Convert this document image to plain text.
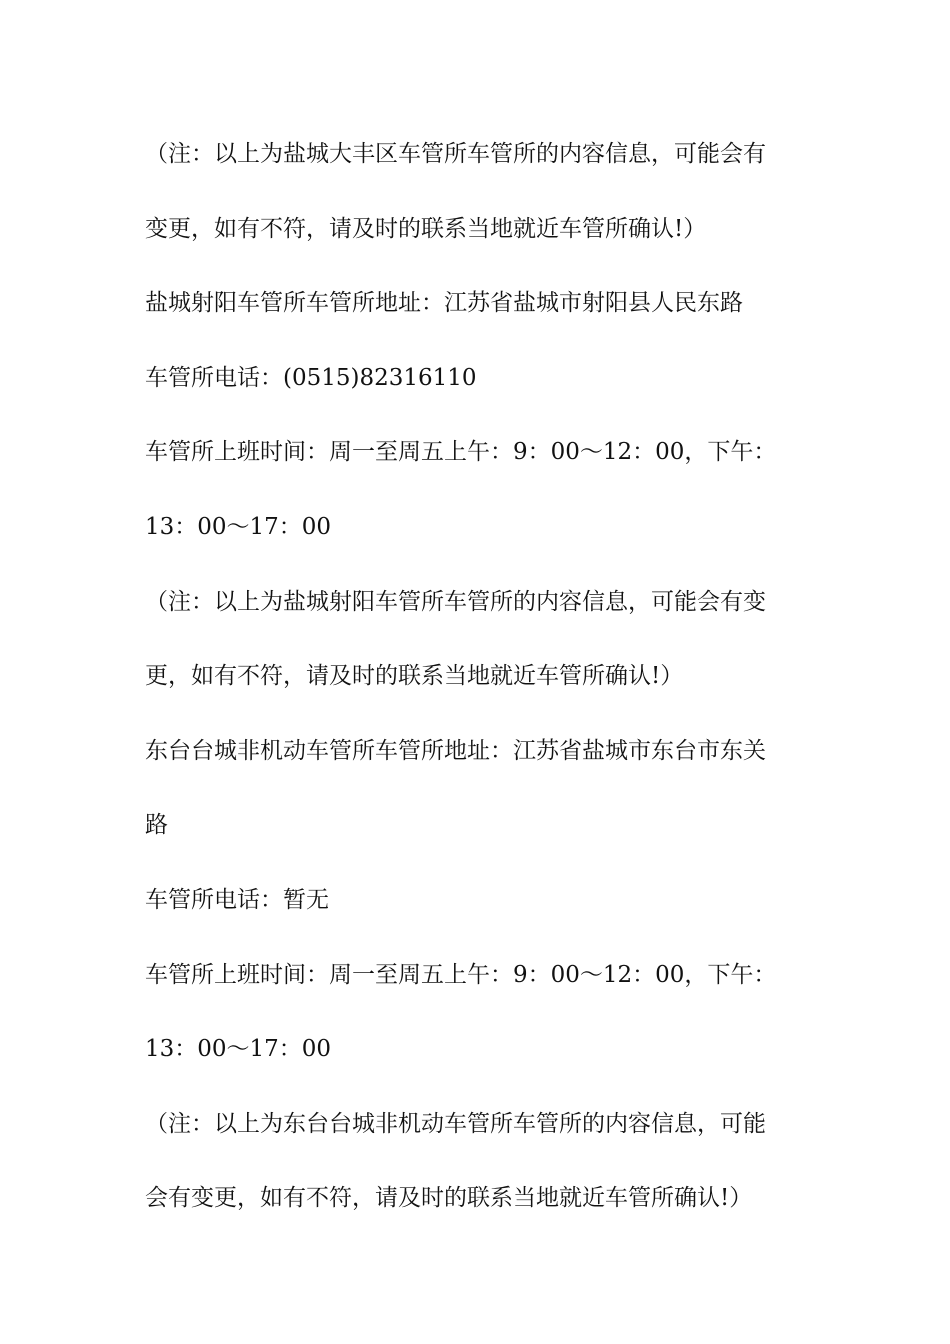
（注：以上为盐城大丰区车管所车管所的内容信息，可能会有
变更，如有不符，请及时的联系当地就近车管所确认!）
盐城射阳车管所车管所地址：江苏省盐城市射阳县人民东路
车管所电话：(0515)82316110
车管所上班时间：周一至周五上午：9：00～12：00，下午：
13：00～17：00
（注：以上为盐城射阳车管所车管所的内容信息，可能会有变
更，如有不符，请及时的联系当地就近车管所确认!）
东台台城非机动车管所车管所地址：江苏省盐城市东台市东关
路
车管所电话：暂无
车管所上班时间：周一至周五上午：9：00～12：00，下午：
13：00～17：00
（注：以上为东台台城非机动车管所车管所的内容信息，可能
会有变更，如有不符，请及时的联系当地就近车管所确认!）
